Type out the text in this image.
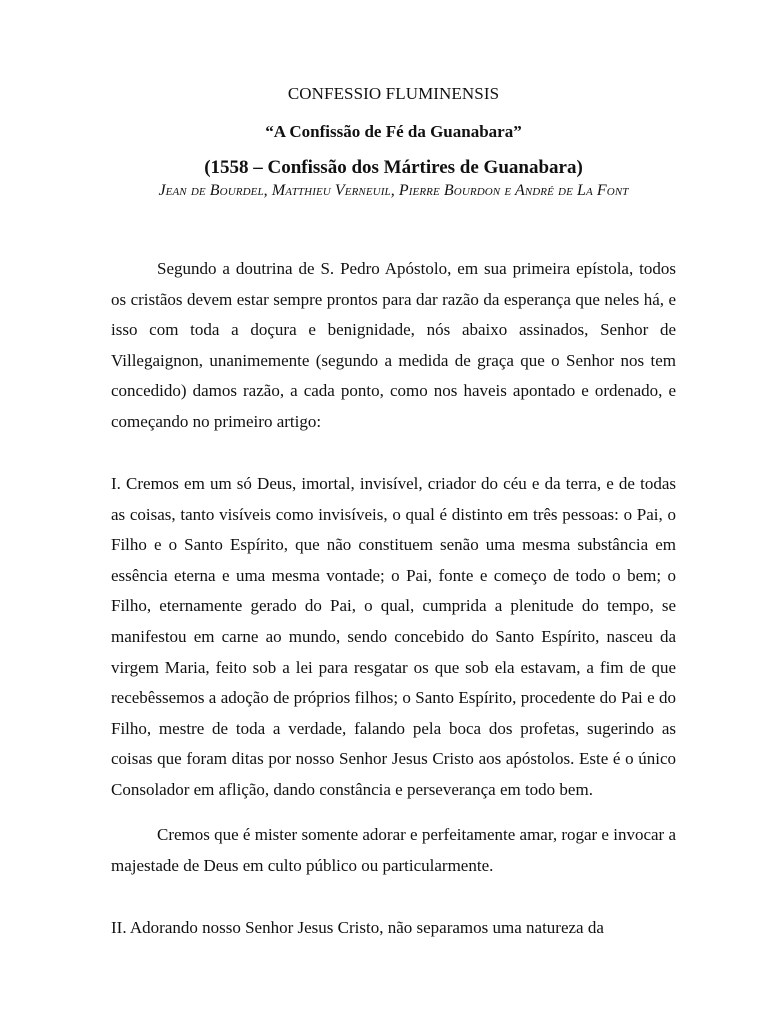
CONFESSIO FLUMINENSIS
“A Confissão de Fé da Guanabara”
(1558 – Confissão dos Mártires de Guanabara)
Jean de Bourdel, Matthieu Verneuil, Pierre Bourdon e André de La Font

Segundo a doutrina de S. Pedro Apóstolo, em sua primeira epístola, todos os cristãos devem estar sempre prontos para dar razão da esperança que neles há, e isso com toda a doçura e benignidade, nós abaixo assinados, Senhor de Villegaignon, unanimemente (segundo a medida de graça que o Senhor nos tem concedido) damos razão, a cada ponto, como nos haveis apontado e ordenado, e começando no primeiro artigo:

I. Cremos em um só Deus, imortal, invisível, criador do céu e da terra, e de todas as coisas, tanto visíveis como invisíveis, o qual é distinto em três pessoas: o Pai, o Filho e o Santo Espírito, que não constituem senão uma mesma substância em essência eterna e uma mesma vontade; o Pai, fonte e começo de todo o bem; o Filho, eternamente gerado do Pai, o qual, cumprida a plenitude do tempo, se manifestou em carne ao mundo, sendo concebido do Santo Espírito, nasceu da virgem Maria, feito sob a lei para resgatar os que sob ela estavam, a fim de que recebêssemos a adoção de próprios filhos; o Santo Espírito, procedente do Pai e do Filho, mestre de toda a verdade, falando pela boca dos profetas, sugerindo as coisas que foram ditas por nosso Senhor Jesus Cristo aos apóstolos. Este é o único Consolador em aflição, dando constância e perseverança em todo bem.

Cremos que é mister somente adorar e perfeitamente amar, rogar e invocar a majestade de Deus em culto público ou particularmente.

II. Adorando nosso Senhor Jesus Cristo, não separamos uma natureza da
